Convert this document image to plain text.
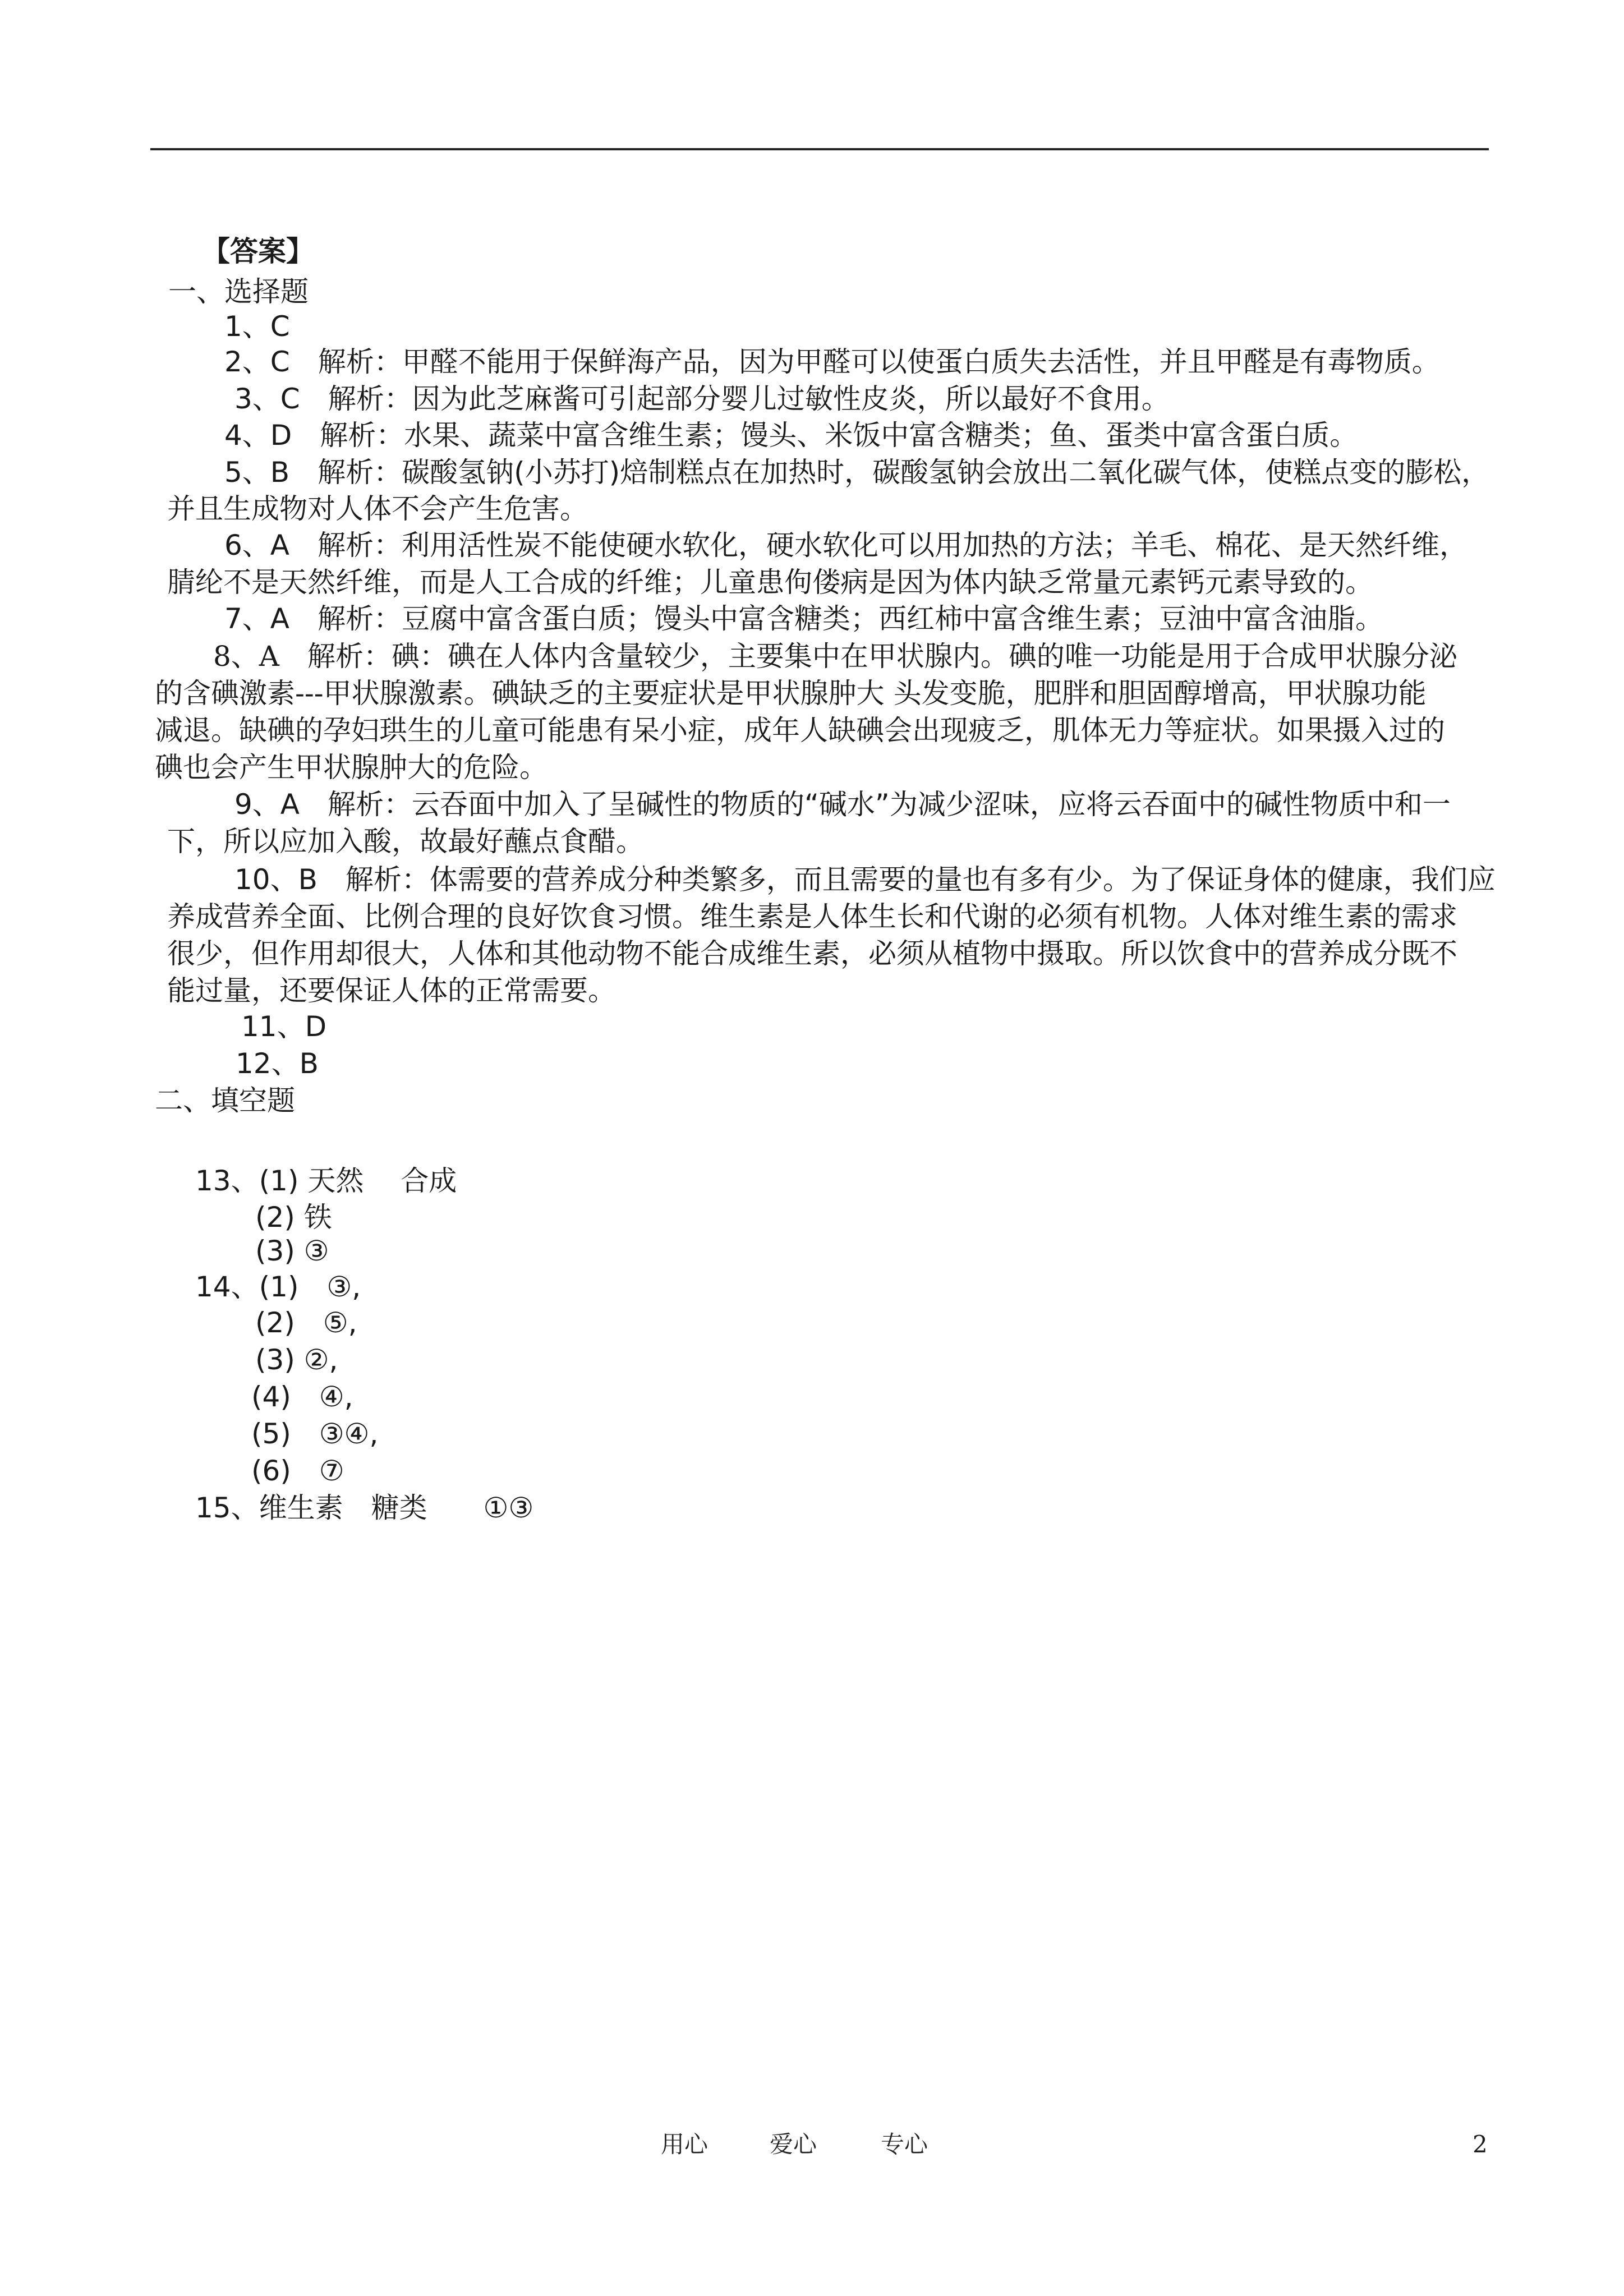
【答案】
一、选择题
1、C
2、C　解析：甲醛不能用于保鲜海产品，因为甲醛可以使蛋白质失去活性，并且甲醛是有毒物质。
3、C　解析：因为此芝麻酱可引起部分婴儿过敏性皮炎，所以最好不食用。
4、D　解析：水果、蔬菜中富含维生素；馒头、米饭中富含糖类；鱼、蛋类中富含蛋白质。
5、B　解析：碳酸氢钠(小苏打)焙制糕点在加热时，碳酸氢钠会放出二氧化碳气体，使糕点变的膨松，
并且生成物对人体不会产生危害。
6、A　解析：利用活性炭不能使硬水软化，硬水软化可以用加热的方法；羊毛、棉花、是天然纤维，
腈纶不是天然纤维，而是人工合成的纤维；儿童患佝偻病是因为体内缺乏常量元素钙元素导致的。
7、A　解析：豆腐中富含蛋白质；馒头中富含糖类；西红柿中富含维生素；豆油中富含油脂。
8、A　解析：碘：碘在人体内含量较少，主要集中在甲状腺内。碘的唯一功能是用于合成甲状腺分泌
的含碘激素---甲状腺激素。碘缺乏的主要症状是甲状腺肿大 头发变脆，肥胖和胆固醇增高，甲状腺功能
减退。缺碘的孕妇珙生的儿童可能患有呆小症，成年人缺碘会出现疲乏，肌体无力等症状。如果摄入过的
碘也会产生甲状腺肿大的危险。
9、A　解析：云吞面中加入了呈碱性的物质的“碱水”为减少涩味，应将云吞面中的碱性物质中和一
下，所以应加入酸，故最好蘸点食醋。
10、B　解析：体需要的营养成分种类繁多，而且需要的量也有多有少。为了保证身体的健康，我们应
养成营养全面、比例合理的良好饮食习惯。维生素是人体生长和代谢的必须有机物。人体对维生素的需求
很少，但作用却很大，人体和其他动物不能合成维生素，必须从植物中摄取。所以饮食中的营养成分既不
能过量，还要保证人体的正常需要。
11、D
12、B
二、填空题
13、(1) 天然　 合成
(2) 铁
(3) ③
14、(1)　③,
(2)　⑤,
(3) ②,
(4)　④,
(5)　③④,
(6)　⑦
15、维生素　糖类　　①③
用心	爱心	专心	2
